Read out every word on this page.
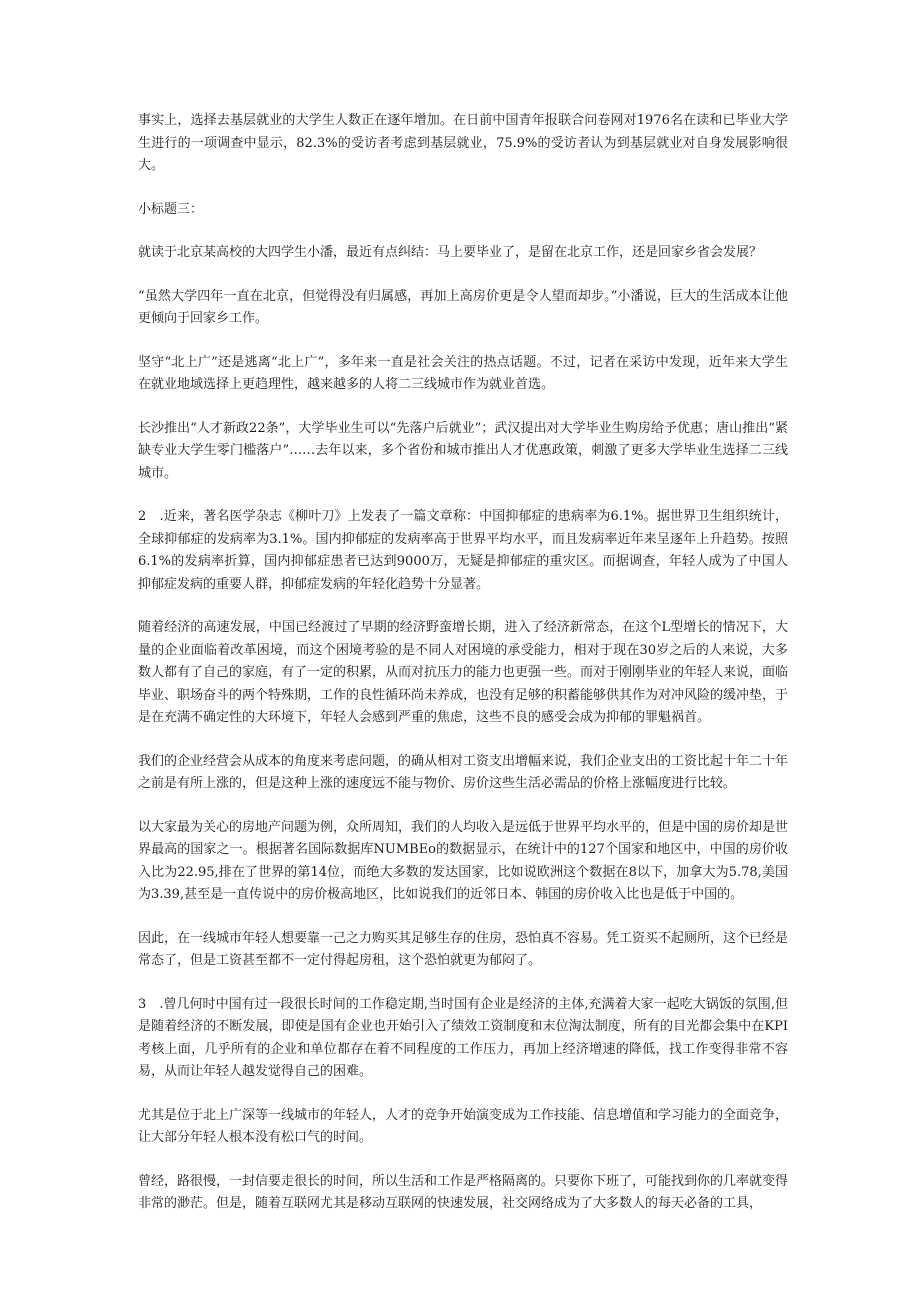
事实上，选择去基层就业的大学生人数正在逐年增加。在日前中国青年报联合问卷网对1976名在读和已毕业大学生进行的一项调查中显示，82.3%的受访者考虑到基层就业，75.9%的受访者认为到基层就业对自身发展影响很大。

小标题三：

就读于北京某高校的大四学生小潘，最近有点纠结：马上要毕业了，是留在北京工作，还是回家乡省会发展？

“虽然大学四年一直在北京，但觉得没有归属感，再加上高房价更是令人望而却步。”小潘说，巨大的生活成本让他更倾向于回家乡工作。

坚守“北上广”还是逃离“北上广”，多年来一直是社会关注的热点话题。不过，记者在采访中发现，近年来大学生在就业地域选择上更趋理性，越来越多的人将二三线城市作为就业首选。

长沙推出“人才新政22条”，大学毕业生可以“先落户后就业”；武汉提出对大学毕业生购房给予优惠；唐山推出“紧缺专业大学生零门槛落户”……去年以来，多个省份和城市推出人才优惠政策，刺激了更多大学毕业生选择二三线城市。

2　.近来，著名医学杂志《柳叶刀》上发表了一篇文章称：中国抑郁症的患病率为6.1%。据世界卫生组织统计，全球抑郁症的发病率为3.1%。国内抑郁症的发病率高于世界平均水平，而且发病率近年来呈逐年上升趋势。按照6.1%的发病率折算，国内抑郁症患者已达到9000万，无疑是抑郁症的重灾区。而据调查，年轻人成为了中国人抑郁症发病的重要人群，抑郁症发病的年轻化趋势十分显著。

随着经济的高速发展，中国已经渡过了早期的经济野蛮增长期，进入了经济新常态，在这个L型增长的情况下，大量的企业面临着改革困境，而这个困境考验的是不同人对困境的承受能力，相对于现在30岁之后的人来说，大多数人都有了自己的家庭，有了一定的积累，从而对抗压力的能力也更强一些。而对于刚刚毕业的年轻人来说，面临毕业、职场奋斗的两个特殊期，工作的良性循环尚未养成，也没有足够的积蓄能够供其作为对冲风险的缓冲垫，于是在充满不确定性的大环境下，年轻人会感到严重的焦虑，这些不良的感受会成为抑郁的罪魁祸首。

我们的企业经营会从成本的角度来考虑问题，的确从相对工资支出增幅来说，我们企业支出的工资比起十年二十年之前是有所上涨的，但是这种上涨的速度远不能与物价、房价这些生活必需品的价格上涨幅度进行比较。

以大家最为关心的房地产问题为例，众所周知，我们的人均收入是远低于世界平均水平的，但是中国的房价却是世界最高的国家之一。根据著名国际数据库NUMBEo的数据显示，在统计中的127个国家和地区中，中国的房价收入比为22.95,排在了世界的第14位，而绝大多数的发达国家，比如说欧洲这个数据在8以下，加拿大为5.78,美国为3.39,甚至是一直传说中的房价极高地区，比如说我们的近邻日本、韩国的房价收入比也是低于中国的。

因此，在一线城市年轻人想要靠一己之力购买其足够生存的住房，恐怕真不容易。凭工资买不起厕所，这个已经是常态了，但是工资甚至都不一定付得起房租，这个恐怕就更为郁闷了。

3　.曾几何时中国有过一段很长时间的工作稳定期,当时国有企业是经济的主体,充满着大家一起吃大锅饭的氛围,但是随着经济的不断发展，即使是国有企业也开始引入了绩效工资制度和末位淘汰制度，所有的目光都会集中在KPI考核上面，几乎所有的企业和单位都存在着不同程度的工作压力，再加上经济增速的降低，找工作变得非常不容易，从而让年轻人越发觉得自己的困难。

尤其是位于北上广深等一线城市的年轻人，人才的竞争开始演变成为工作技能、信息增值和学习能力的全面竞争，让大部分年轻人根本没有松口气的时间。

曾经，路很慢，一封信要走很长的时间，所以生活和工作是严格隔离的。只要你下班了，可能找到你的几率就变得非常的渺茫。但是，随着互联网尤其是移动互联网的快速发展，社交网络成为了大多数人的每天必备的工具，
